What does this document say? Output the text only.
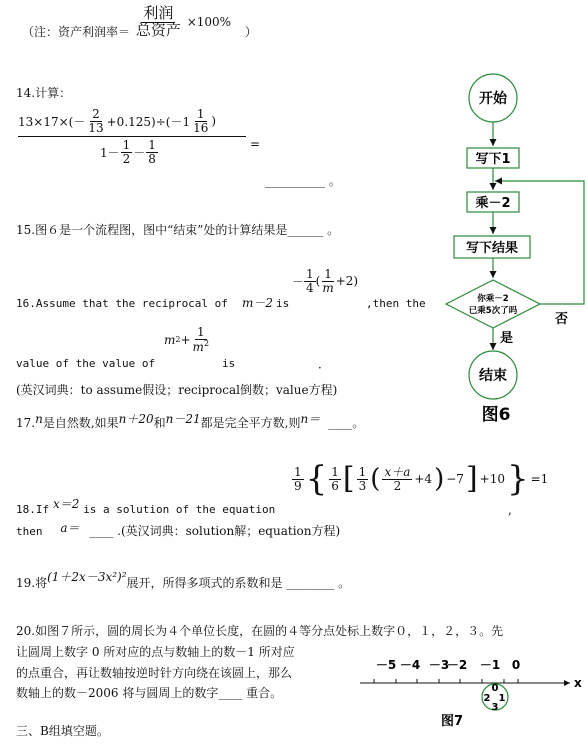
（注：资产利润率＝ $\frac{\text{利润}}{\text{总资产}} \times 100\%$ ）
14.计算：
$13\times 17\times(- \frac{2}{13} +0.125)\div(-1 \frac{1}{16}$ )
$1- \frac{1}{2} - \frac{1}{8}$	=
__________ 。
15.图６是一个流程图，图中“结束”处的计算结果是______ 。
16.Assume that the reciprocal of m－2 is
－ $\frac{1}{4}$ ( $\frac{1}{m} +2$)
,then the
m $2 + \frac{1}{m^2}$
value of the value of	is	．
(英汉词典：to assume假设；reciprocal倒数；value方程)
17.n是自然数,如果n＋20和n－21都是完全平方数,则n＝ ____。
$\frac{1}{9}$ { $\frac{1}{6}$ [ $\frac{1}{3}$ ( $\frac{x+a}{2} +4$ ) −7 ] +10 } =1
18.If x＝2 is a solution of the equation	,
then a＝ ____ .(英汉词典：solution解；equation方程)
19.将(1＋2x－3x²)²展开，所得多项式的系数和是 ________ 。
20.如图７所示，圆的周长为４个单位长度，在圆的４等分点处标上数字０，１，２，３。先
让圆周上数字 0 所对应的点与数轴上的数－1 所对应
的点重合，再让数轴按逆时针方向绕在该圆上，那么
数轴上的数－2006 将与圆周上的数字____ 重合。
三、B组填空题。
开始
写下1
乘－2
写下结果
你乘－2
已乘5次了吗
否
是
结束
图6
－5 －4 －3
－2 －1 0
x
0
1
2
3
图7
